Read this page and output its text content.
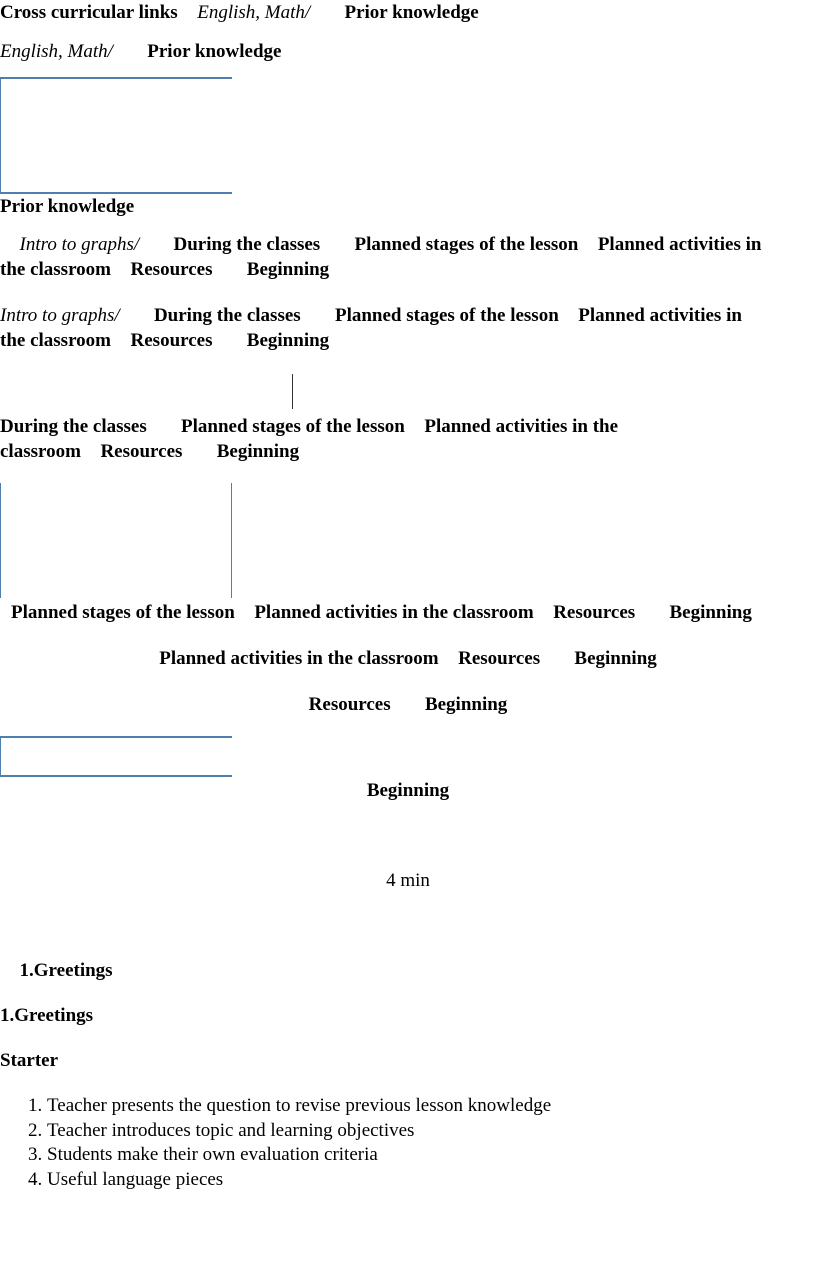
Cross curricular links  English, Math/   Prior knowledge

English, Math/   Prior knowledge

Prior knowledge

  Intro to graphs/   During the classes   Planned stages of the lesson  Planned activities in

the classroom  Resources   Beginning

Intro to graphs/   During the classes   Planned stages of the lesson  Planned activities in

the classroom  Resources   Beginning

During the classes   Planned stages of the lesson  Planned activities in the

classroom  Resources   Beginning

Planned stages of the lesson  Planned activities in the classroom  Resources   Beginning

Planned activities in the classroom  Resources   Beginning

Resources   Beginning

Beginning

4 min

  1.Greetings

1.Greetings

Starter

1. Teacher presents the question to revise previous lesson knowledge
2. Teacher introduces topic and learning objectives
3. Students make their own evaluation criteria
4. Useful language pieces 
